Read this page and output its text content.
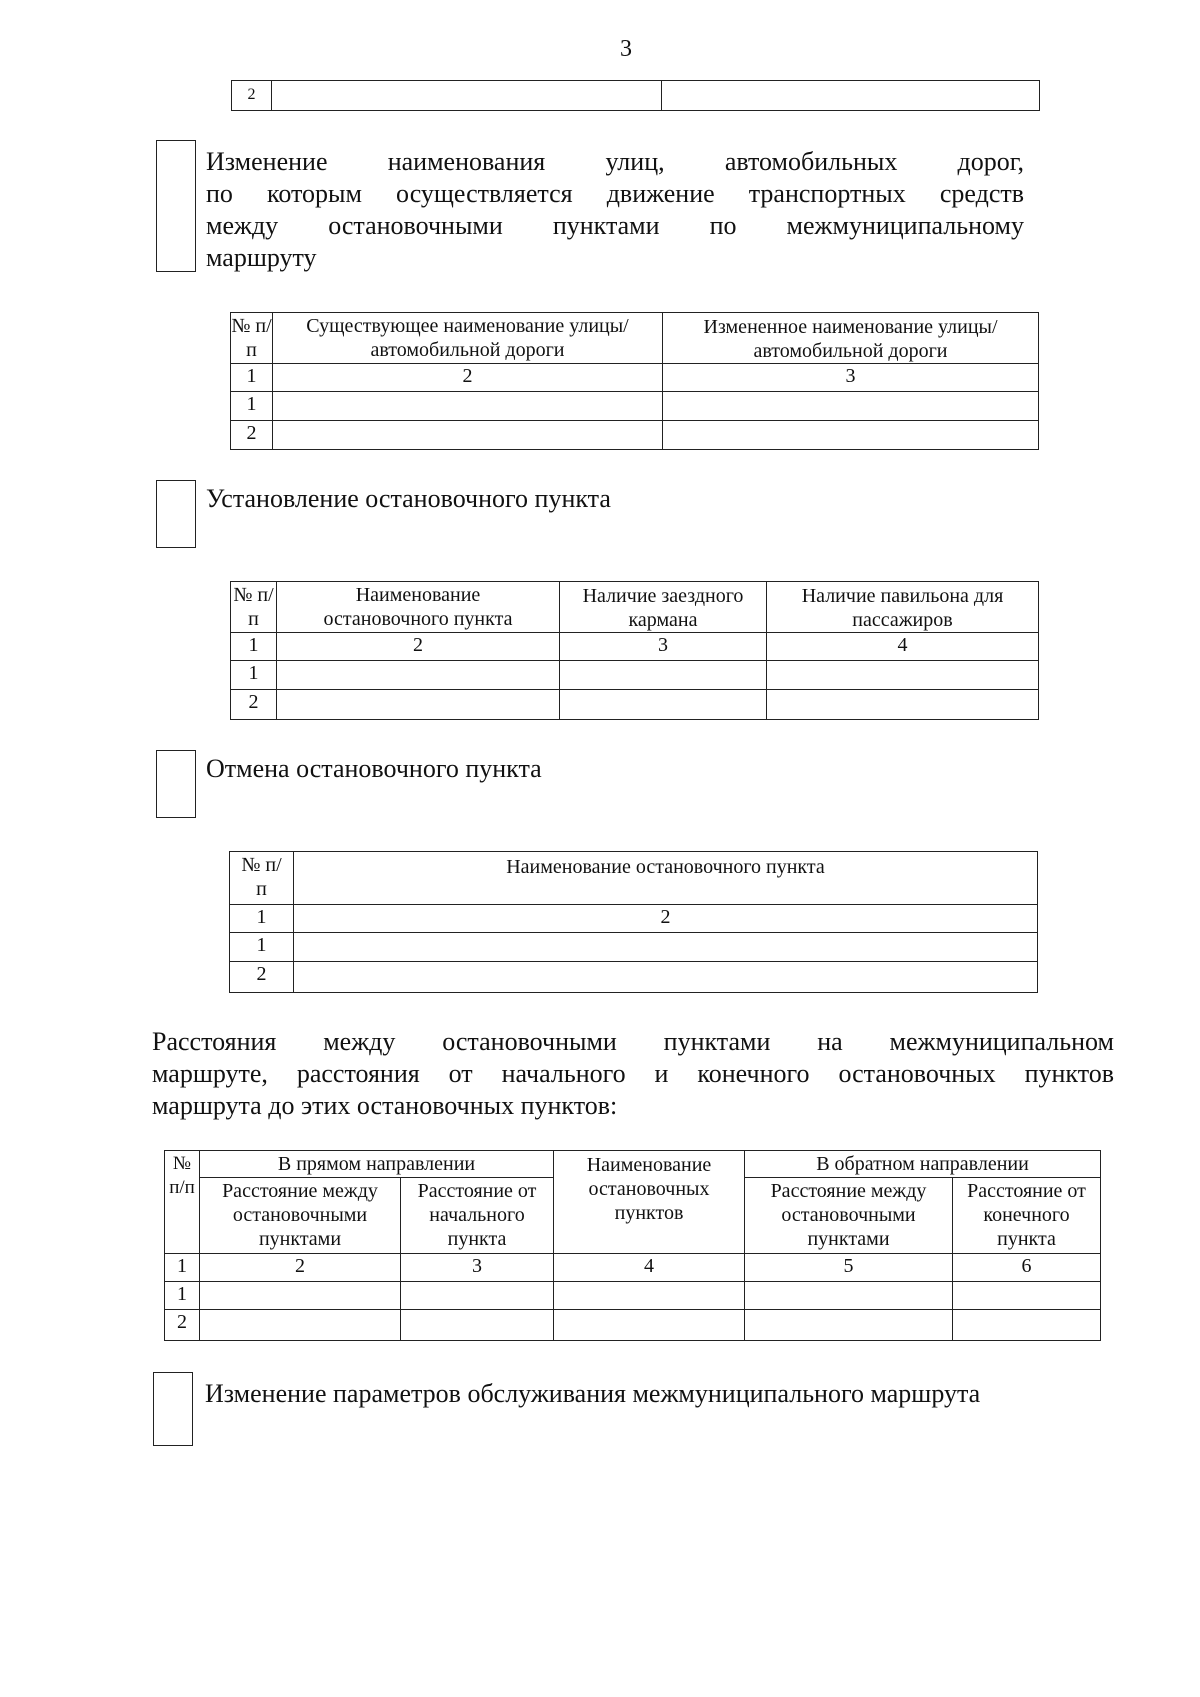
3
2		
Изменение наименования улиц, автомобильных дорог,
по которым осуществляется движение транспортных средств
между остановочными пунктами по межмуниципальному
маршруту
№ п/п	Существующее наименование улицы/автомобильной дороги	Измененное наименование улицы/автомобильной дороги
1	2	3
1		
2		
Установление остановочного пункта
№ п/п	Наименование остановочного пункта	Наличие заездного кармана	Наличие павильона для пассажиров
1	2	3	4
1			
2			
Отмена остановочного пункта
№ п/п	Наименование остановочного пункта
1	2
1	
2	
Расстояния между остановочными пунктами на межмуниципальном
маршруте, расстояния от начального и конечного остановочных пунктов
маршрута до этих остановочных пунктов:
№ п/п	В прямом направлении		Наименование остановочных пунктов	В обратном направлении	
	Расстояние между остановочными пунктами	Расстояние от начального пункта		Расстояние между остановочными пунктами	Расстояние от конечного пункта
1	2	3	4	5	6
1					
2					
Изменение параметров обслуживания межмуниципального маршрута
